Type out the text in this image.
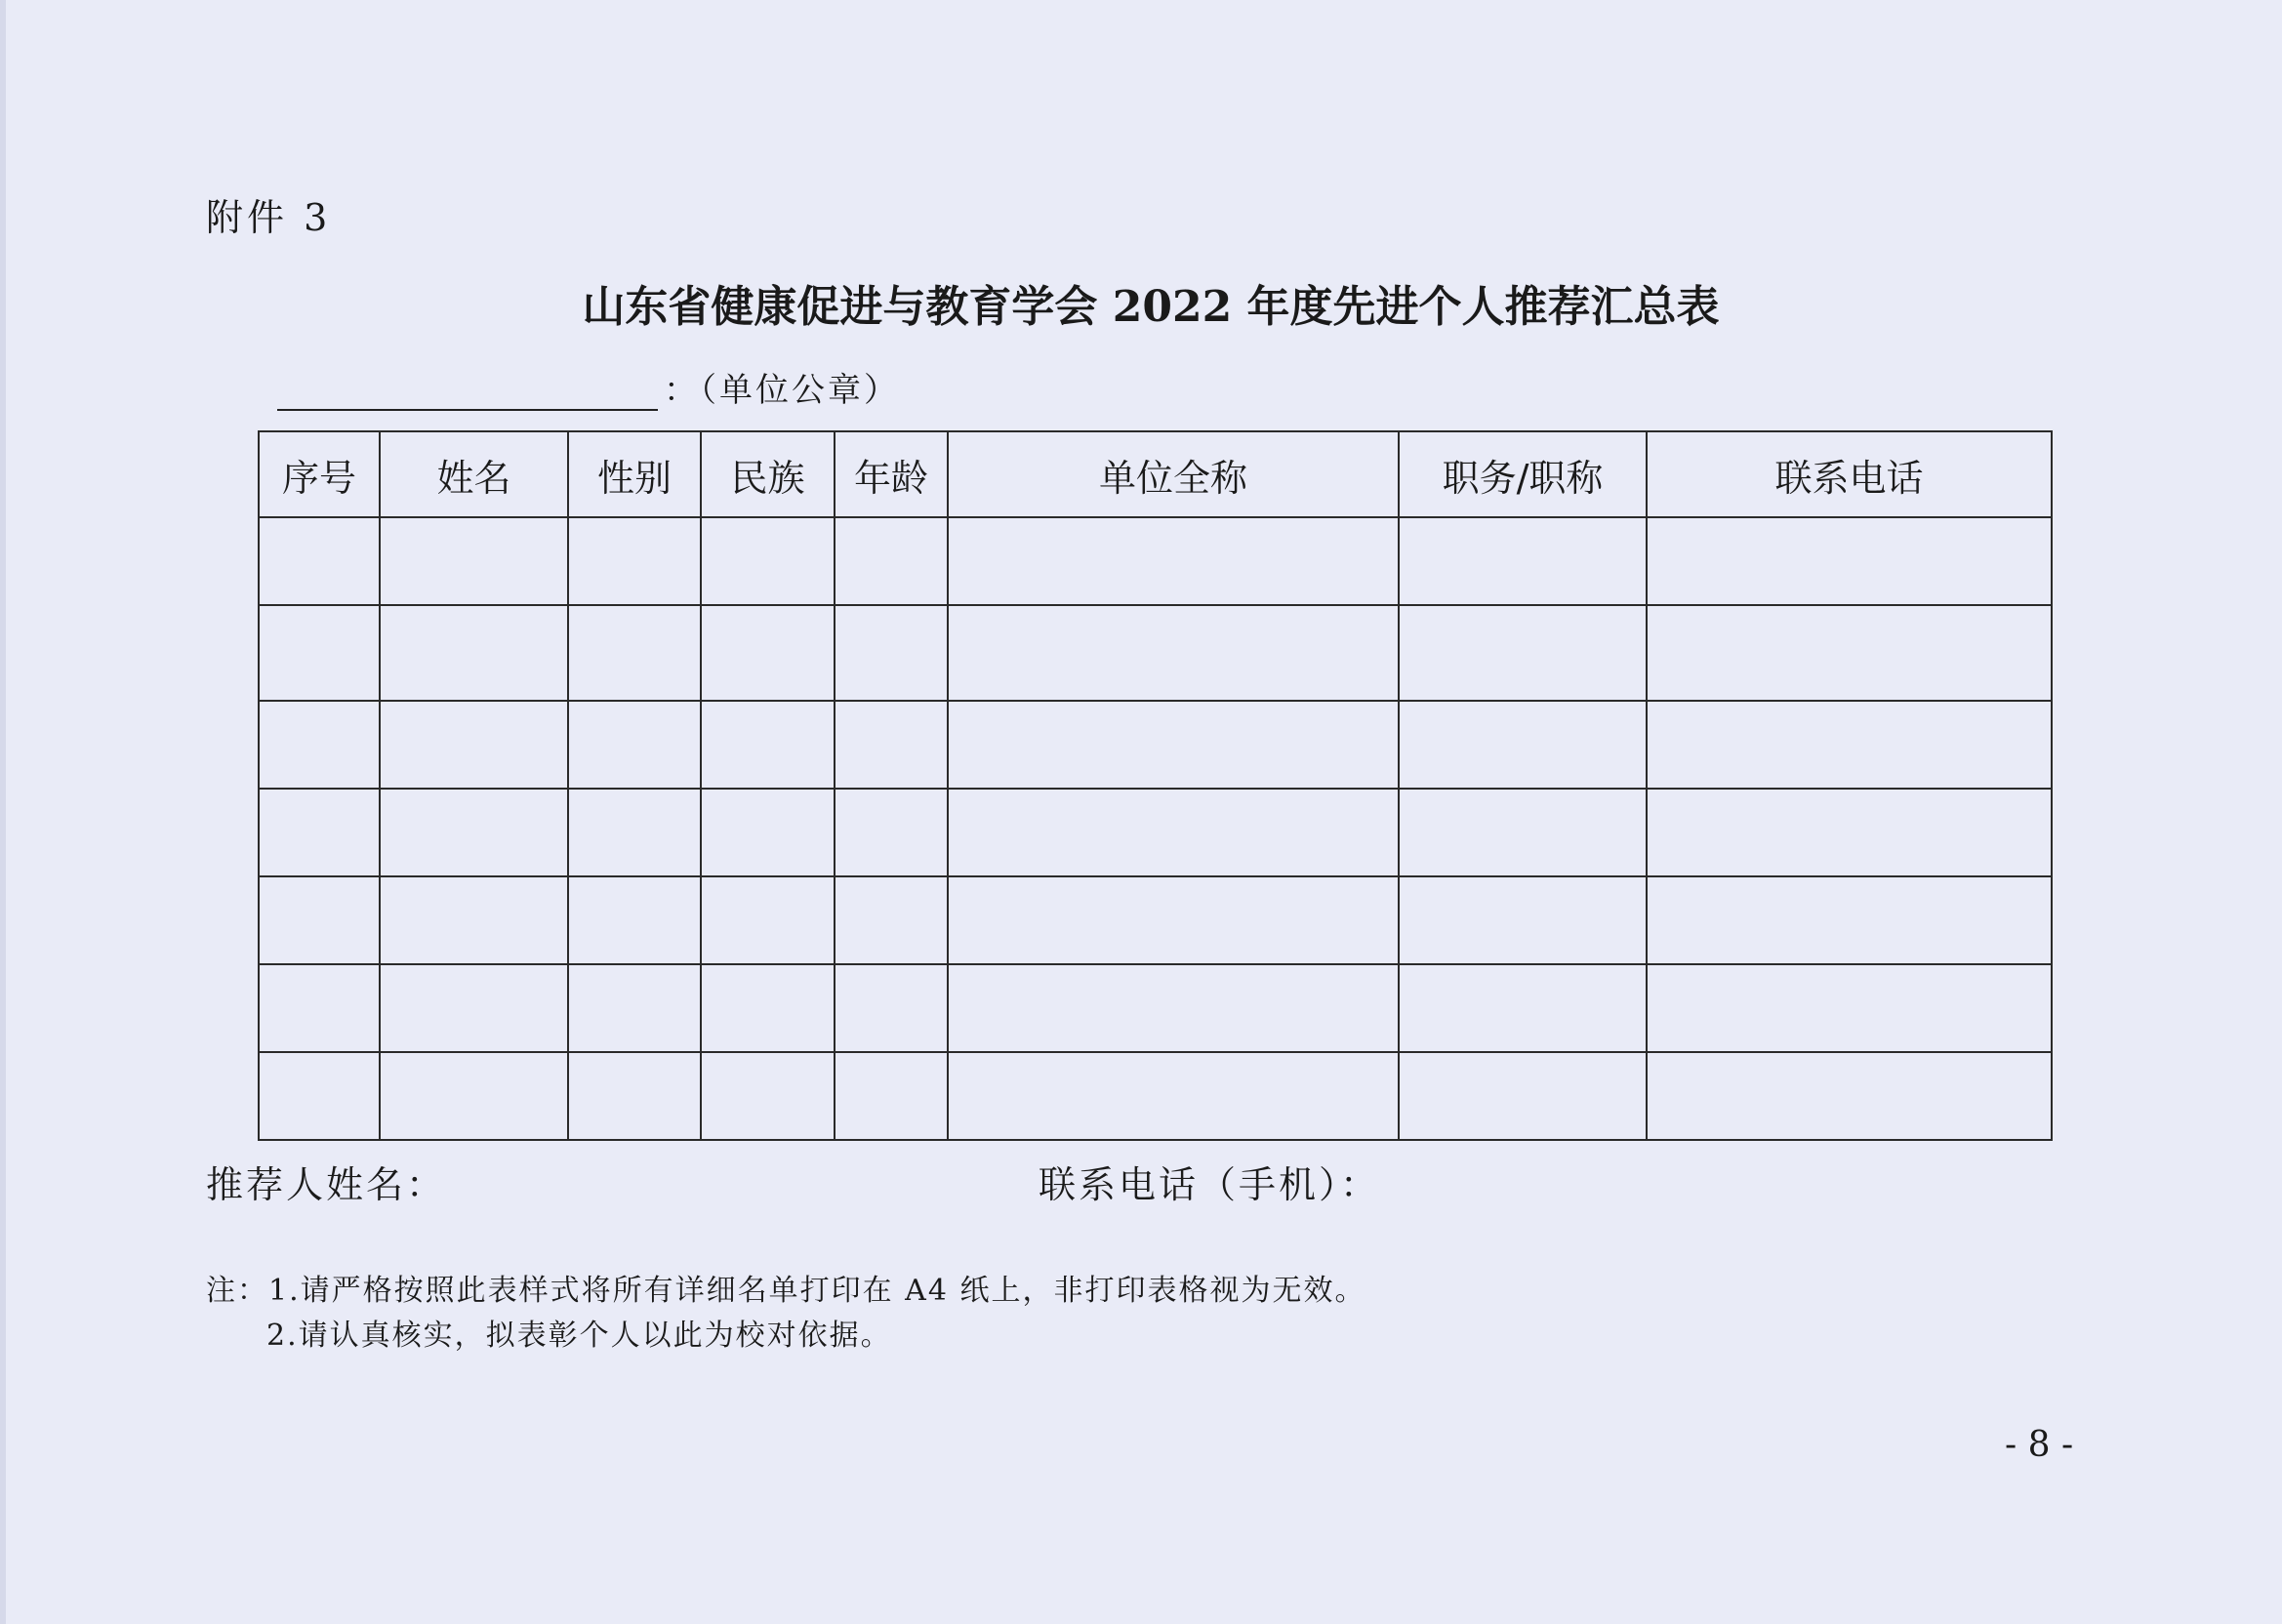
附件 3
山东省健康促进与教育学会 2022 年度先进个人推荐汇总表
：（单位公章）
序号	姓名	性别	民族	年龄	单位全称	职务/职称	联系电话

推荐人姓名：	联系电话（手机）：
注：1.请严格按照此表样式将所有详细名单打印在 A4 纸上，非打印表格视为无效。
2.请认真核实，拟表彰个人以此为校对依据。
- 8 -
